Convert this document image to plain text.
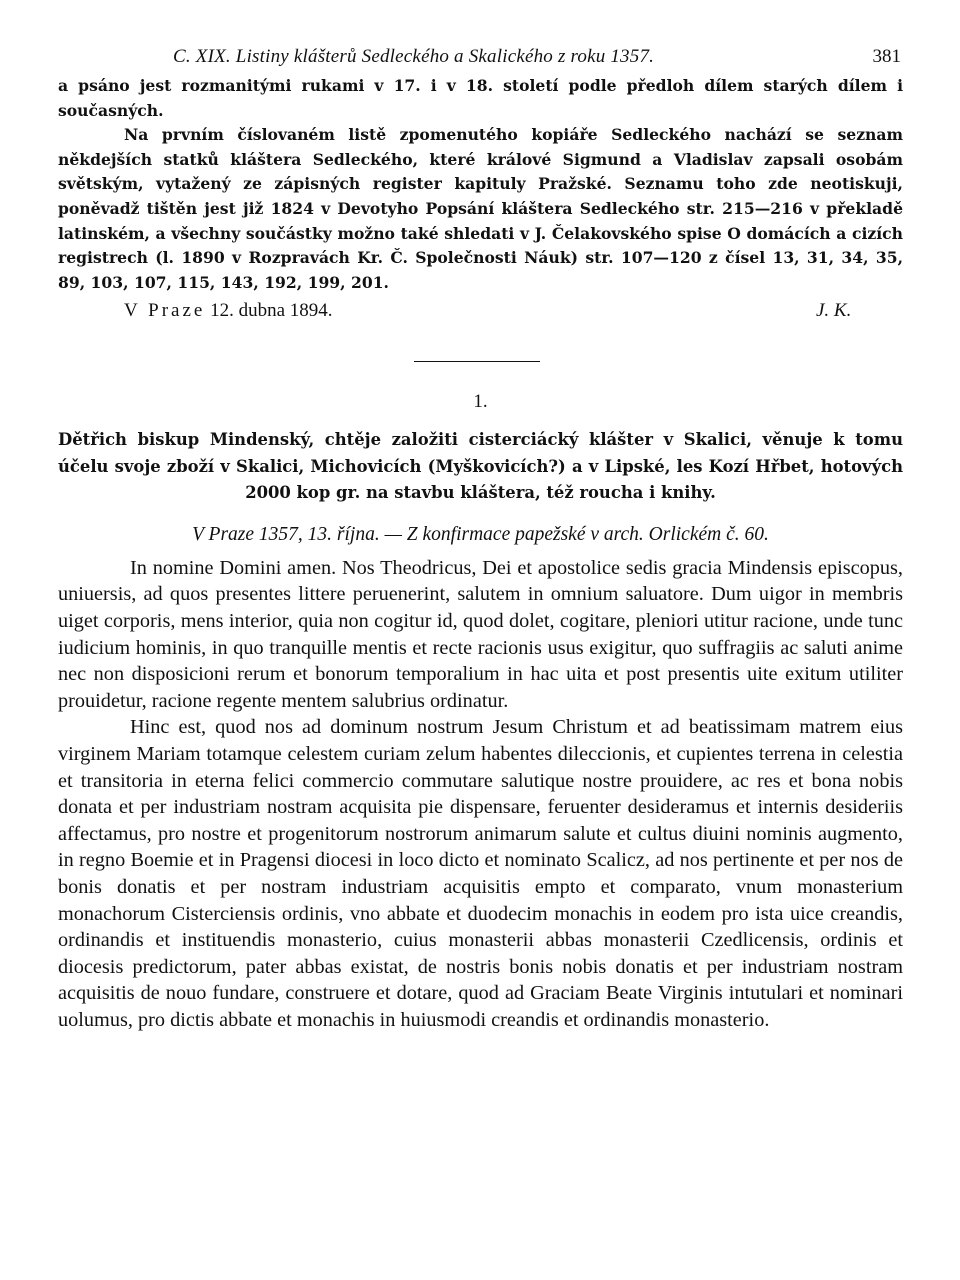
C. XIX. Listiny klášterů Sedleckého a Skalického z roku 1357.	381

a psáno jest rozmanitými rukami v 17. i v 18. století podle předloh dílem starých dílem i současných.

Na prvním číslovaném listě zpomenutého kopiáře Sedleckého nachází se seznam někdejších statků kláštera Sedleckého, které králové Sigmund a Vladislav zapsali osobám světským, vytažený ze zápisných register kapituly Pražské. Seznamu toho zde neotiskuji, poněvadž tištěn jest již 1824 v Devotyho Popsání kláštera Sedleckého str. 215—216 v překladě latinském, a všechny součástky možno také shledati v J. Čelakovského spise O domácích a cizích registrech (l. 1890 v Rozpravách Kr. Č. Společnosti Náuk) str. 107—120 z čísel 13, 31, 34, 35, 89, 103, 107, 115, 143, 192, 199, 201.

V Praze 12. dubna 1894.	J. K.
1.

Dětřich biskup Mindenský, chtěje založiti cisterciácký klášter v Skalici, věnuje k tomu účelu svoje zboží v Skalici, Michovicích (Myškovicích?) a v Lipské, les Kozí Hřbet, hotových 2000 kop gr. na stavbu kláštera, též roucha i knihy.

V Praze 1357, 13. října. — Z konfirmace papežské v arch. Orlickém č. 60.

In nomine Domini amen. Nos Theodricus, Dei et apostolice sedis gracia Mindensis episcopus, uniuersis, ad quos presentes littere peruenerint, salutem in omnium saluatore. Dum uigor in membris uiget corporis, mens interior, quia non cogitur id, quod dolet, cogitare, pleniori utitur racione, unde tunc iudicium hominis, in quo tranquille mentis et recte racionis usus exigitur, quo suffragiis ac saluti anime nec non disposicioni rerum et bonorum temporalium in hac uita et post presentis uite exitum utiliter prouidetur, racione regente mentem salubrius ordinatur.

Hinc est, quod nos ad dominum nostrum Jesum Christum et ad beatissimam matrem eius virginem Mariam totamque celestem curiam zelum habentes dileccionis, et cupientes terrena in celestia et transitoria in eterna felici commercio commutare salutique nostre prouidere, ac res et bona nobis donata et per industriam nostram acquisita pie dispensare, feruenter desideramus et internis desideriis affectamus, pro nostre et progenitorum nostrorum animarum salute et cultus diuini nominis augmento, in regno Boemie et in Pragensi diocesi in loco dicto et nominato Scalicz, ad nos pertinente et per nos de bonis donatis et per nostram industriam acquisitis empto et comparato, vnum monasterium monachorum Cisterciensis ordinis, vno abbate et duodecim monachis in eodem pro ista uice creandis, ordinandis et instituendis monasterio, cuius monasterii abbas monasterii Czedlicensis, ordinis et diocesis predictorum, pater abbas existat, de nostris bonis nobis donatis et per industriam nostram acquisitis de nouo fundare, construere et dotare, quod ad Graciam Beate Virginis intutulari et nominari uolumus, pro dictis abbate et monachis in huiusmodi creandis et ordinandis monasterio.
